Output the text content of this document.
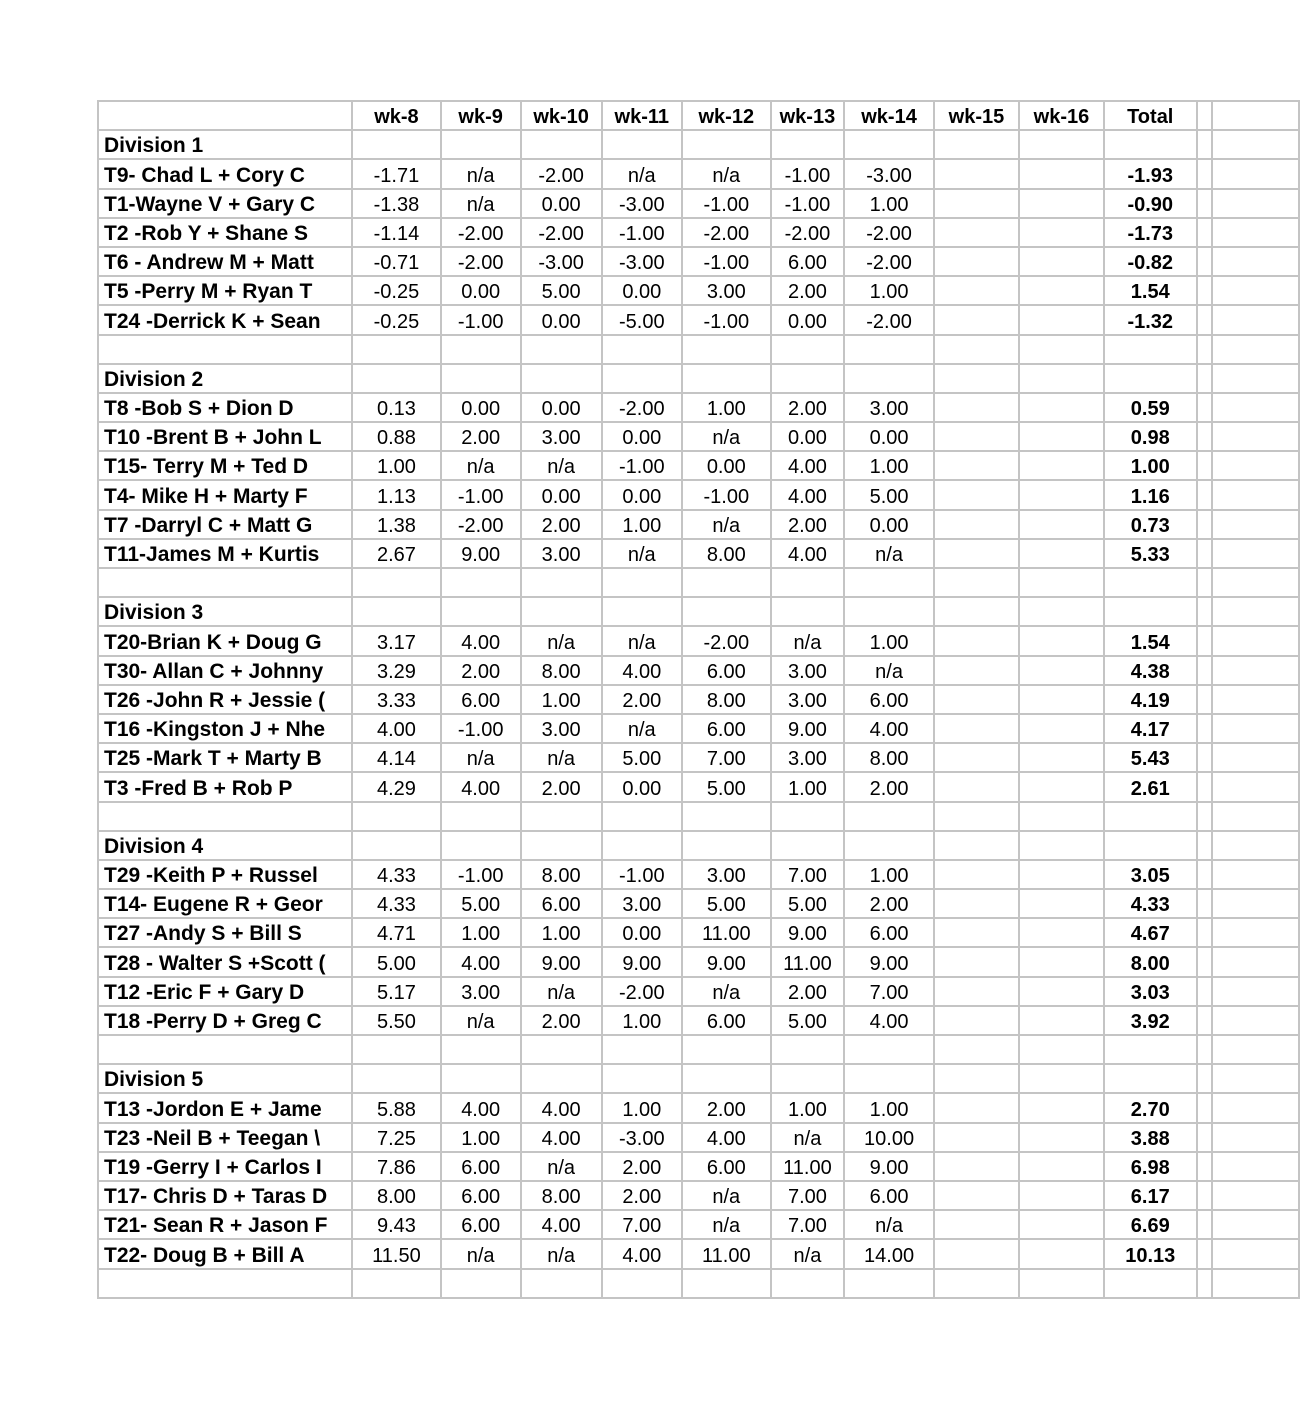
	wk-8	wk-9	wk-10	wk-11	wk-12	wk-13	wk-14	wk-15	wk-16	Total		
Division 1												
T9- Chad L + Cory C	-1.71	n/a	-2.00	n/a	n/a	-1.00	-3.00			-1.93		
T1-Wayne V + Gary C	-1.38	n/a	0.00	-3.00	-1.00	-1.00	1.00			-0.90		
T2 -Rob Y + Shane S	-1.14	-2.00	-2.00	-1.00	-2.00	-2.00	-2.00			-1.73		
T6 - Andrew M + Matt	-0.71	-2.00	-3.00	-3.00	-1.00	6.00	-2.00			-0.82		
T5 -Perry M + Ryan T	-0.25	0.00	5.00	0.00	3.00	2.00	1.00			1.54		
T24 -Derrick K + Sean	-0.25	-1.00	0.00	-5.00	-1.00	0.00	-2.00			-1.32		

Division 2												
T8 -Bob S + Dion D	0.13	0.00	0.00	-2.00	1.00	2.00	3.00			0.59		
T10 -Brent B + John L	0.88	2.00	3.00	0.00	n/a	0.00	0.00			0.98		
T15- Terry M + Ted D	1.00	n/a	n/a	-1.00	0.00	4.00	1.00			1.00		
T4- Mike H + Marty F	1.13	-1.00	0.00	0.00	-1.00	4.00	5.00			1.16		
T7 -Darryl C + Matt G	1.38	-2.00	2.00	1.00	n/a	2.00	0.00			0.73		
T11-James M + Kurtis	2.67	9.00	3.00	n/a	8.00	4.00	n/a			5.33		

Division 3												
T20-Brian K + Doug G	3.17	4.00	n/a	n/a	-2.00	n/a	1.00			1.54		
T30- Allan C + Johnny	3.29	2.00	8.00	4.00	6.00	3.00	n/a			4.38		
T26 -John R + Jessie (	3.33	6.00	1.00	2.00	8.00	3.00	6.00			4.19		
T16 -Kingston J + Nhe	4.00	-1.00	3.00	n/a	6.00	9.00	4.00			4.17		
T25 -Mark T + Marty B	4.14	n/a	n/a	5.00	7.00	3.00	8.00			5.43		
T3 -Fred B + Rob P	4.29	4.00	2.00	0.00	5.00	1.00	2.00			2.61		

Division 4												
T29 -Keith P + Russel	4.33	-1.00	8.00	-1.00	3.00	7.00	1.00			3.05		
T14- Eugene R + Geor	4.33	5.00	6.00	3.00	5.00	5.00	2.00			4.33		
T27 -Andy S + Bill S	4.71	1.00	1.00	0.00	11.00	9.00	6.00			4.67		
T28 - Walter S +Scott (	5.00	4.00	9.00	9.00	9.00	11.00	9.00			8.00		
T12 -Eric F + Gary D	5.17	3.00	n/a	-2.00	n/a	2.00	7.00			3.03		
T18 -Perry D + Greg C	5.50	n/a	2.00	1.00	6.00	5.00	4.00			3.92		

Division 5												
T13 -Jordon E + Jame	5.88	4.00	4.00	1.00	2.00	1.00	1.00			2.70		
T23 -Neil B + Teegan \	7.25	1.00	4.00	-3.00	4.00	n/a	10.00			3.88		
T19 -Gerry I + Carlos I	7.86	6.00	n/a	2.00	6.00	11.00	9.00			6.98		
T17- Chris D + Taras D	8.00	6.00	8.00	2.00	n/a	7.00	6.00			6.17		
T21- Sean R + Jason F	9.43	6.00	4.00	7.00	n/a	7.00	n/a			6.69		
T22- Doug B + Bill A	11.50	n/a	n/a	4.00	11.00	n/a	14.00			10.13		
